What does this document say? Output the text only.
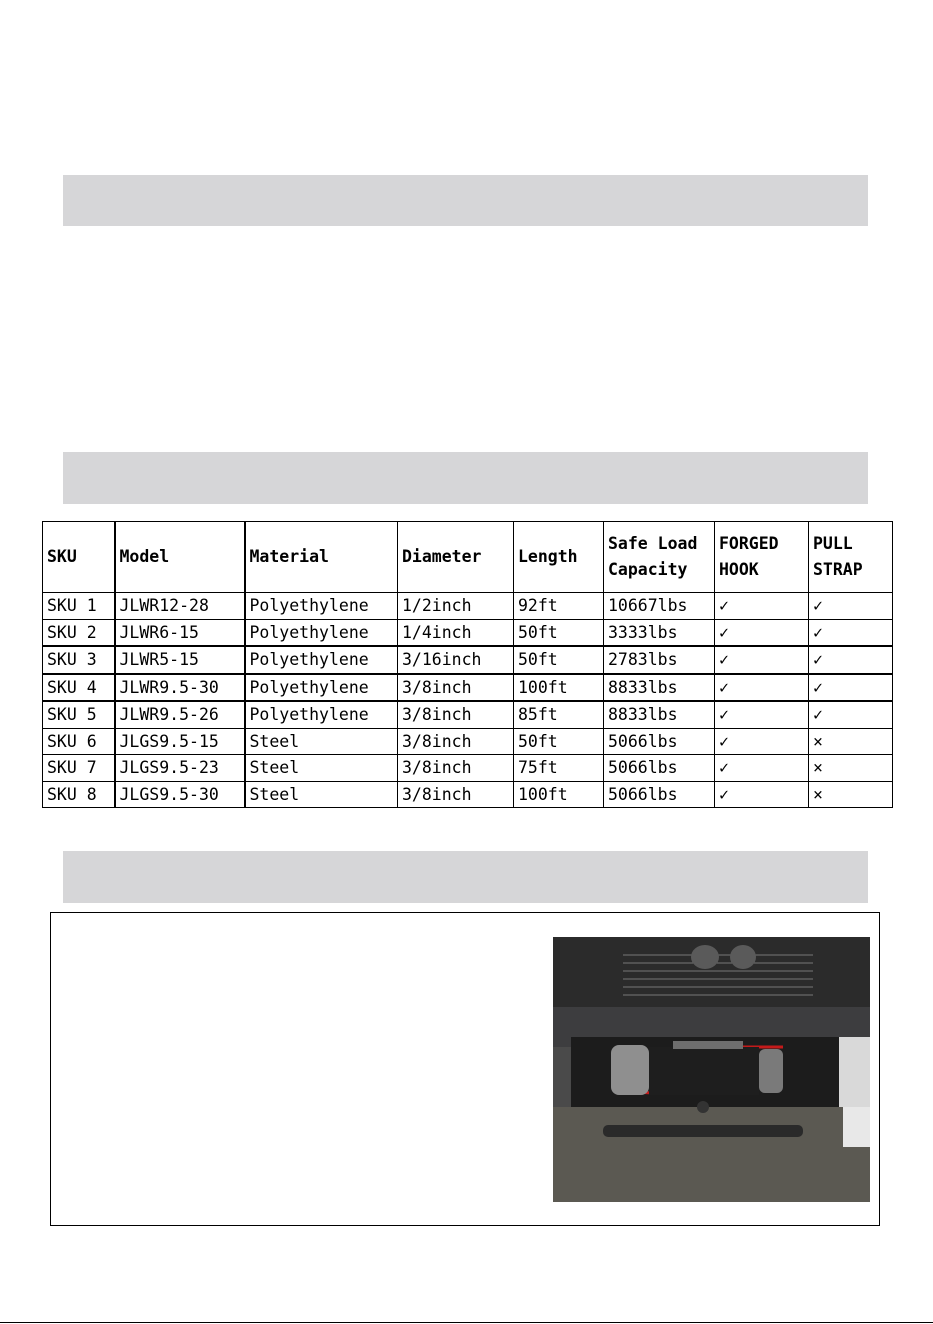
SKU	Model	Material	Diameter	Length	Safe Load Capacity	FORGED HOOK	PULL STRAP
SKU 1	JLWR12-28	Polyethylene	1/2inch	92ft	10667lbs	✓	✓
SKU 2	JLWR6-15	Polyethylene	1/4inch	50ft	3333lbs	✓	✓
SKU 3	JLWR5-15	Polyethylene	3/16inch	50ft	2783lbs	✓	✓
SKU 4	JLWR9.5-30	Polyethylene	3/8inch	100ft	8833lbs	✓	✓
SKU 5	JLWR9.5-26	Polyethylene	3/8inch	85ft	8833lbs	✓	✓
SKU 6	JLGS9.5-15	Steel	3/8inch	50ft	5066lbs	✓	×
SKU 7	JLGS9.5-23	Steel	3/8inch	75ft	5066lbs	✓	×
SKU 8	JLGS9.5-30	Steel	3/8inch	100ft	5066lbs	✓	×
